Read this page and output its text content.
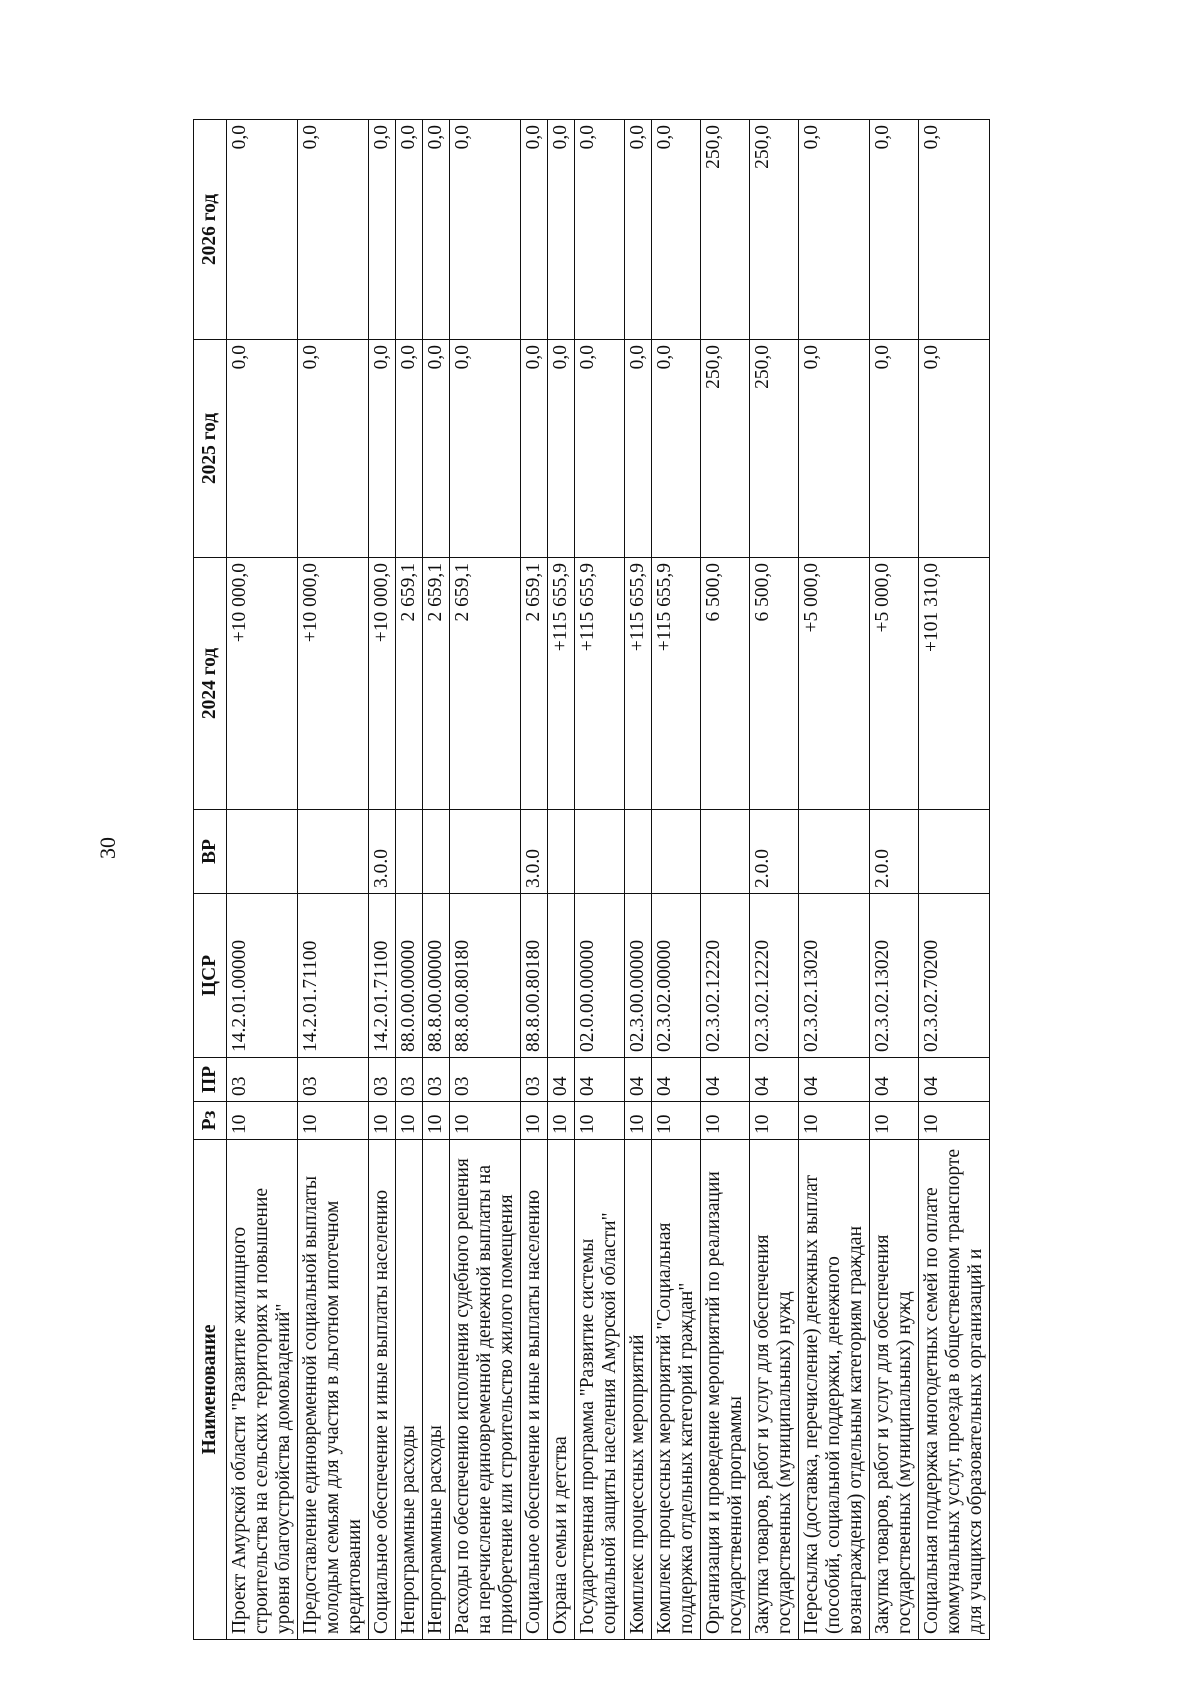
30
Наименование	Рз	ПР	ЦСР	ВР	2024 год	2025 год	2026 год
Проект Амурской области "Развитие жилищного строительства на сельских территориях и повышение уровня благоустройства домовладений"	10	03	14.2.01.00000		+10 000,0	0,0	0,0
Предоставление единовременной социальной выплаты молодым семьям для участия в льготном ипотечном кредитовании	10	03	14.2.01.71100		+10 000,0	0,0	0,0
Социальное обеспечение и иные выплаты населению	10	03	14.2.01.71100	3.0.0	+10 000,0	0,0	0,0
Непрограммные расходы	10	03	88.0.00.00000		2 659,1	0,0	0,0
Непрограммные расходы	10	03	88.8.00.00000		2 659,1	0,0	0,0
Расходы по обеспечению исполнения судебного решения на перечисление единовременной денежной выплаты на приобретение или строительство жилого помещения	10	03	88.8.00.80180		2 659,1	0,0	0,0
Социальное обеспечение и иные выплаты населению	10	03	88.8.00.80180	3.0.0	2 659,1	0,0	0,0
Охрана семьи и детства	10	04			+115 655,9	0,0	0,0
Государственная программа "Развитие системы социальной защиты населения Амурской области"	10	04	02.0.00.00000		+115 655,9	0,0	0,0
Комплекс процессных мероприятий	10	04	02.3.00.00000		+115 655,9	0,0	0,0
Комплекс процессных мероприятий "Социальная поддержка отдельных категорий граждан"	10	04	02.3.02.00000		+115 655,9	0,0	0,0
Организация и проведение мероприятий по реализации государственной программы	10	04	02.3.02.12220		6 500,0	250,0	250,0
Закупка товаров, работ и услуг для обеспечения государственных (муниципальных) нужд	10	04	02.3.02.12220	2.0.0	6 500,0	250,0	250,0
Пересылка (доставка, перечисление) денежных выплат (пособий, социальной поддержки, денежного вознаграждения) отдельным категориям граждан	10	04	02.3.02.13020		+5 000,0	0,0	0,0
Закупка товаров, работ и услуг для обеспечения государственных (муниципальных) нужд	10	04	02.3.02.13020	2.0.0	+5 000,0	0,0	0,0
Социальная поддержка многодетных семей по оплате коммунальных услуг, проезда в общественном транспорте для учащихся образовательных организаций и	10	04	02.3.02.70200		+101 310,0	0,0	0,0
